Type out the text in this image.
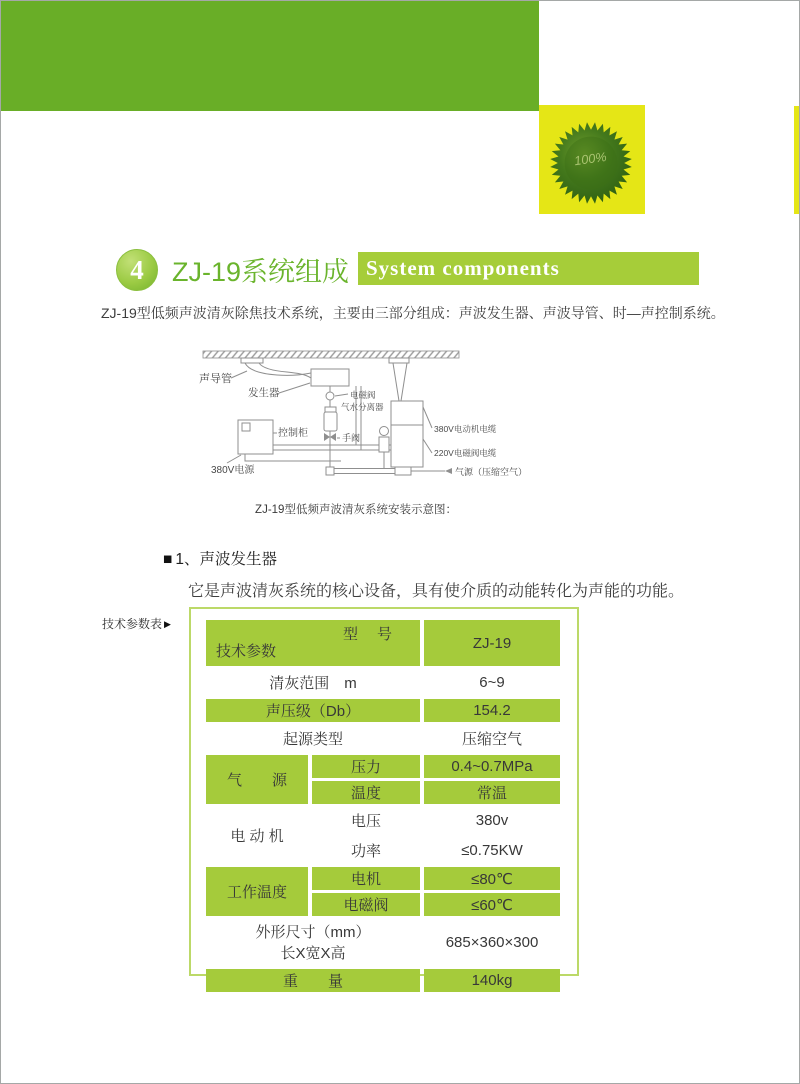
100%
4	ZJ-19系统组成 System components
ZJ-19型低频声波清灰除焦技术系统，主要由三部分组成：声波发生器、声波导管、时—声控制系统。
声导管
发生器	电磁阀
气水分离器
控制柜	手阀
380V电源
380V电动机电缆
220V电磁阀电缆
气源（压缩空气）
ZJ-19型低频声波清灰系统安装示意图：
■ 1、声波发生器
它是声波清灰系统的核心设备，具有使介质的动能转化为声能的功能。
技术参数表 ▶
型　号
技术参数		ZJ-19
清灰范围　m		6~9
声压级（Db）		154.2
起源类型		压缩空气
气　　源	压力	0.4~0.7MPa
	温度	常温
电 动 机	电压	380v
	功率	≤0.75KW
工作温度	电机	≤80℃
	电磁阀	≤60℃

外形尺寸（mm）
长X宽X高		685×360×300
重　　量		140kg
